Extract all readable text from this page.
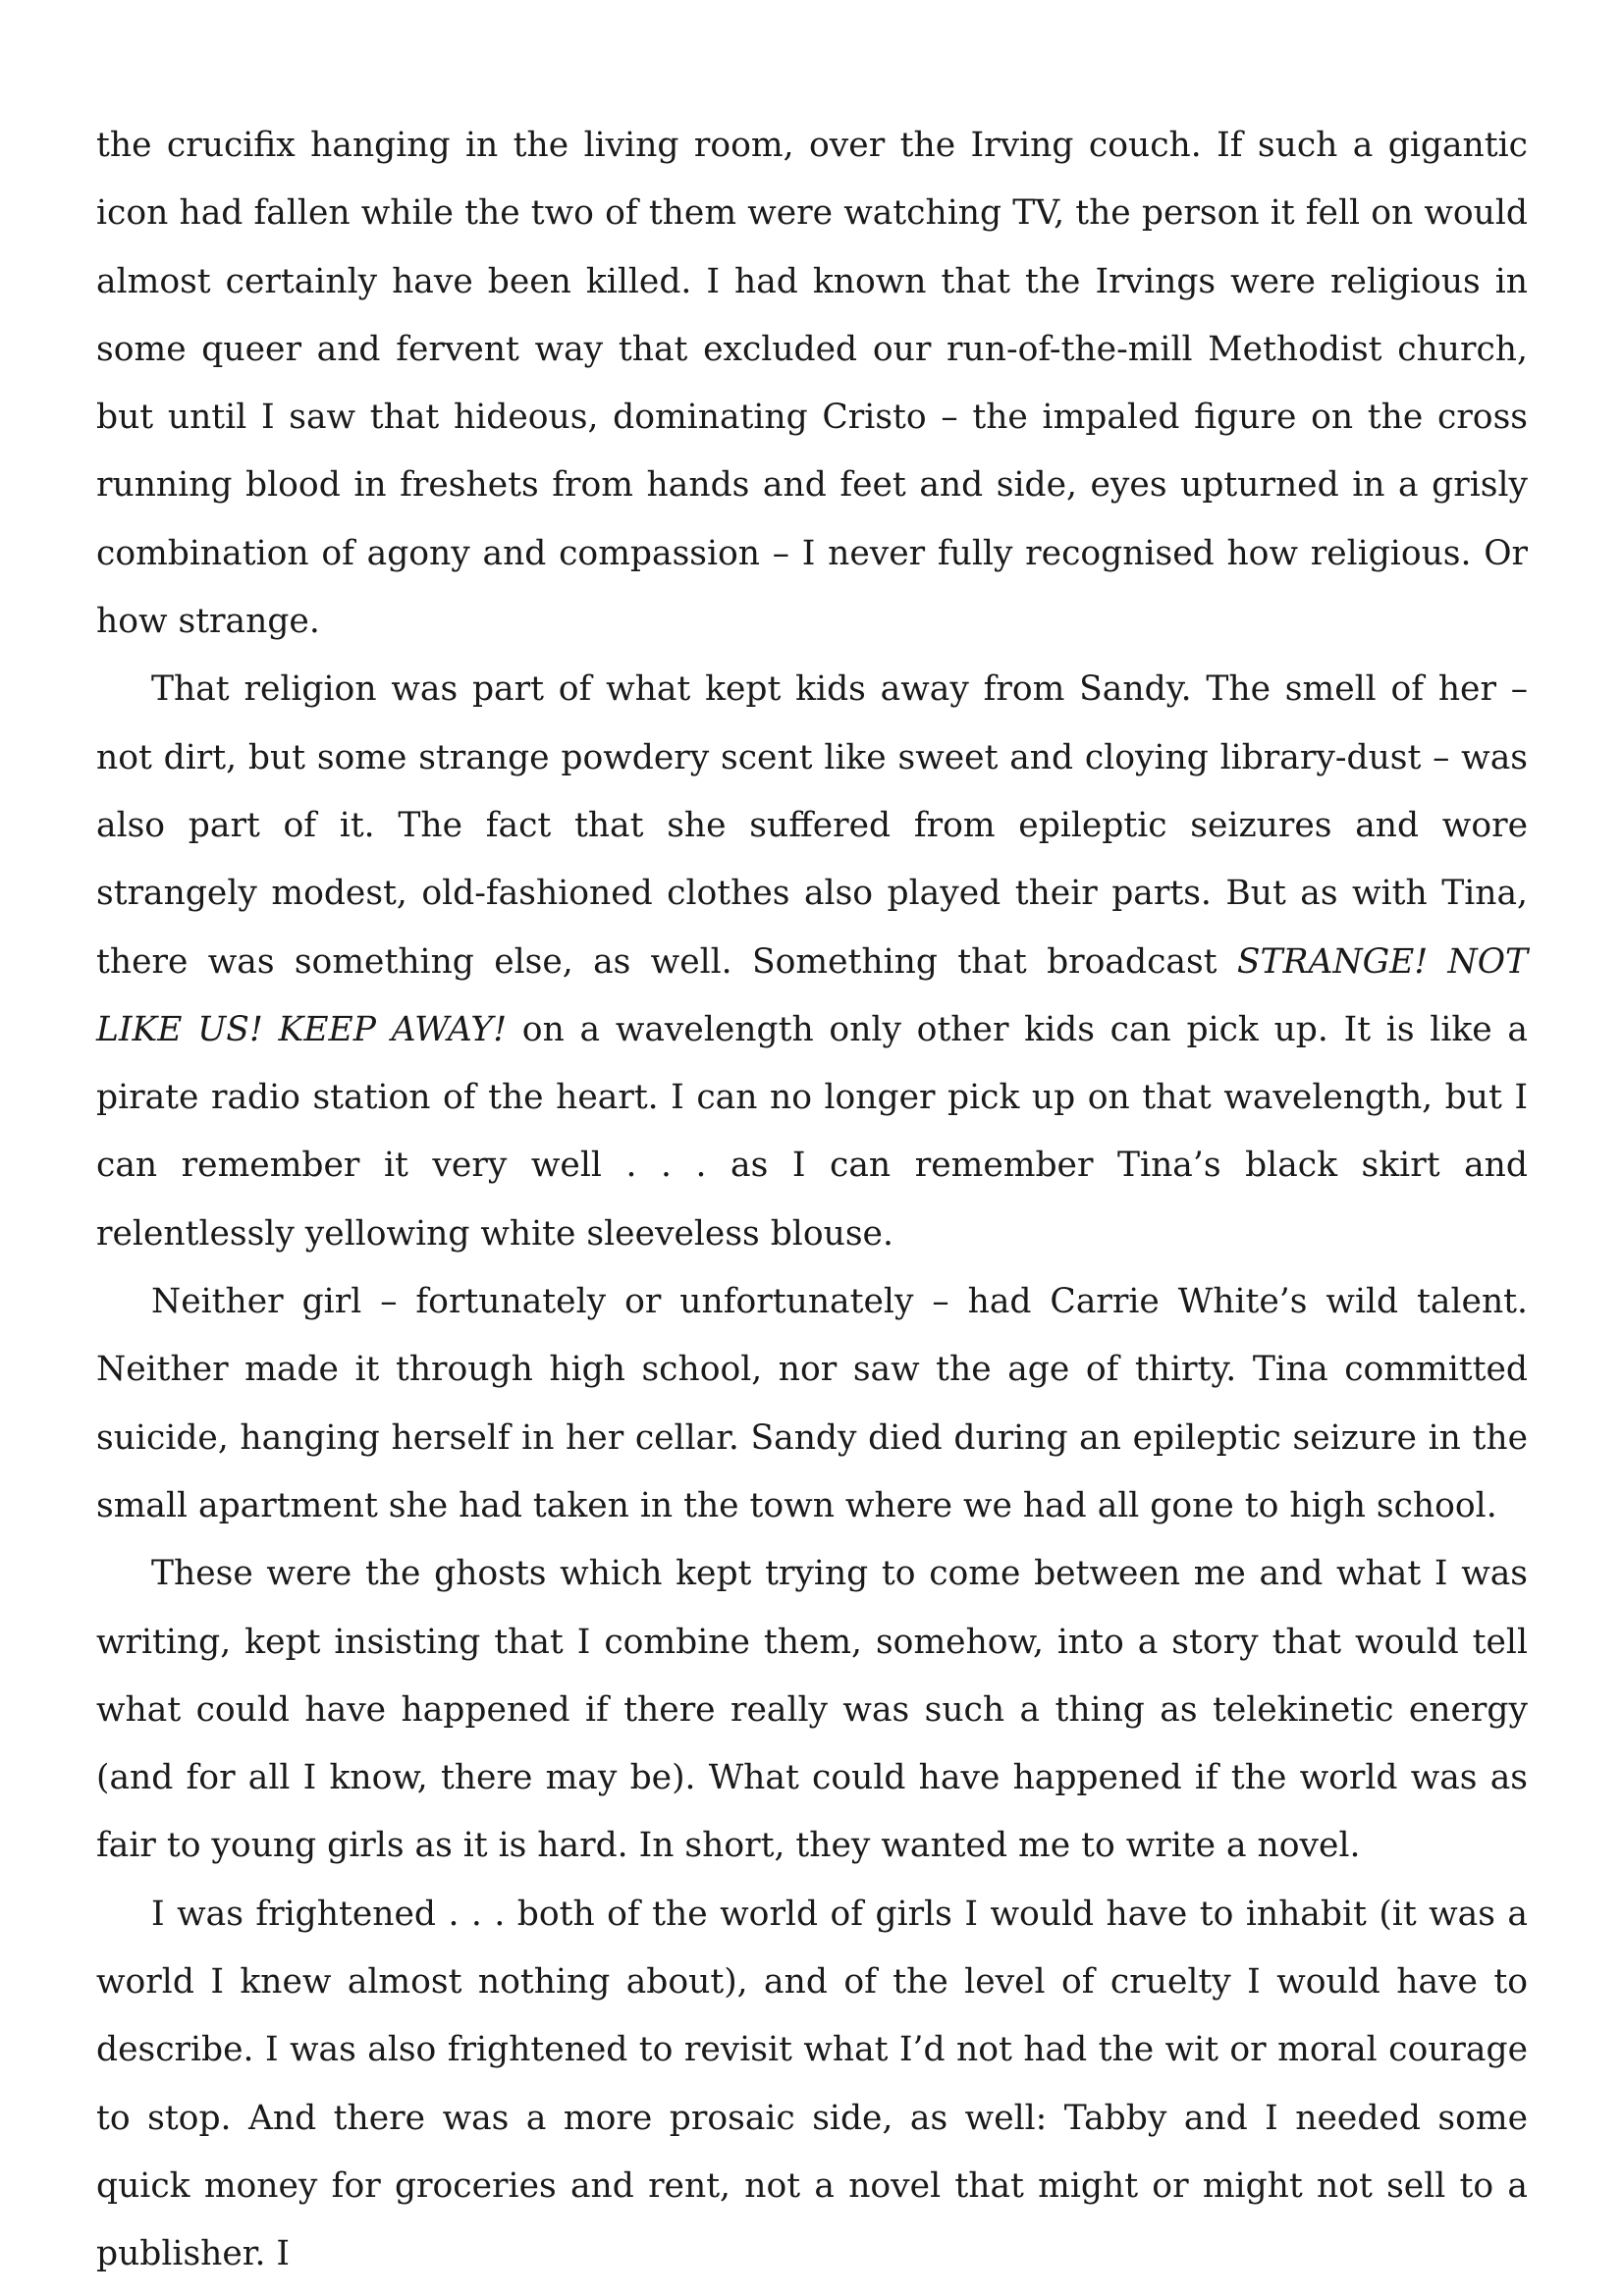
the crucifix hanging in the living room, over the Irving couch. If such a gigantic icon had fallen while the two of them were watching TV, the person it fell on would almost certainly have been killed. I had known that the Irvings were religious in some queer and fervent way that excluded our run-of-the-mill Methodist church, but until I saw that hideous, dominating Cristo – the impaled figure on the cross running blood in freshets from hands and feet and side, eyes upturned in a grisly combination of agony and compassion – I never fully recognised how religious. Or how strange.

That religion was part of what kept kids away from Sandy. The smell of her – not dirt, but some strange powdery scent like sweet and cloying library-dust – was also part of it. The fact that she suffered from epileptic seizures and wore strangely modest, old-fashioned clothes also played their parts. But as with Tina, there was something else, as well. Something that broadcast STRANGE! NOT LIKE US! KEEP AWAY! on a wavelength only other kids can pick up. It is like a pirate radio station of the heart. I can no longer pick up on that wavelength, but I can remember it very well . . . as I can remember Tina’s black skirt and relentlessly yellowing white sleeveless blouse.

Neither girl – fortunately or unfortunately – had Carrie White’s wild talent. Neither made it through high school, nor saw the age of thirty. Tina committed suicide, hanging herself in her cellar. Sandy died during an epileptic seizure in the small apartment she had taken in the town where we had all gone to high school.

These were the ghosts which kept trying to come between me and what I was writing, kept insisting that I combine them, somehow, into a story that would tell what could have happened if there really was such a thing as telekinetic energy (and for all I know, there may be). What could have happened if the world was as fair to young girls as it is hard. In short, they wanted me to write a novel.

I was frightened . . . both of the world of girls I would have to inhabit (it was a world I knew almost nothing about), and of the level of cruelty I would have to describe. I was also frightened to revisit what I’d not had the wit or moral courage to stop. And there was a more prosaic side, as well: Tabby and I needed some quick money for groceries and rent, not a novel that might or might not sell to a publisher. I
